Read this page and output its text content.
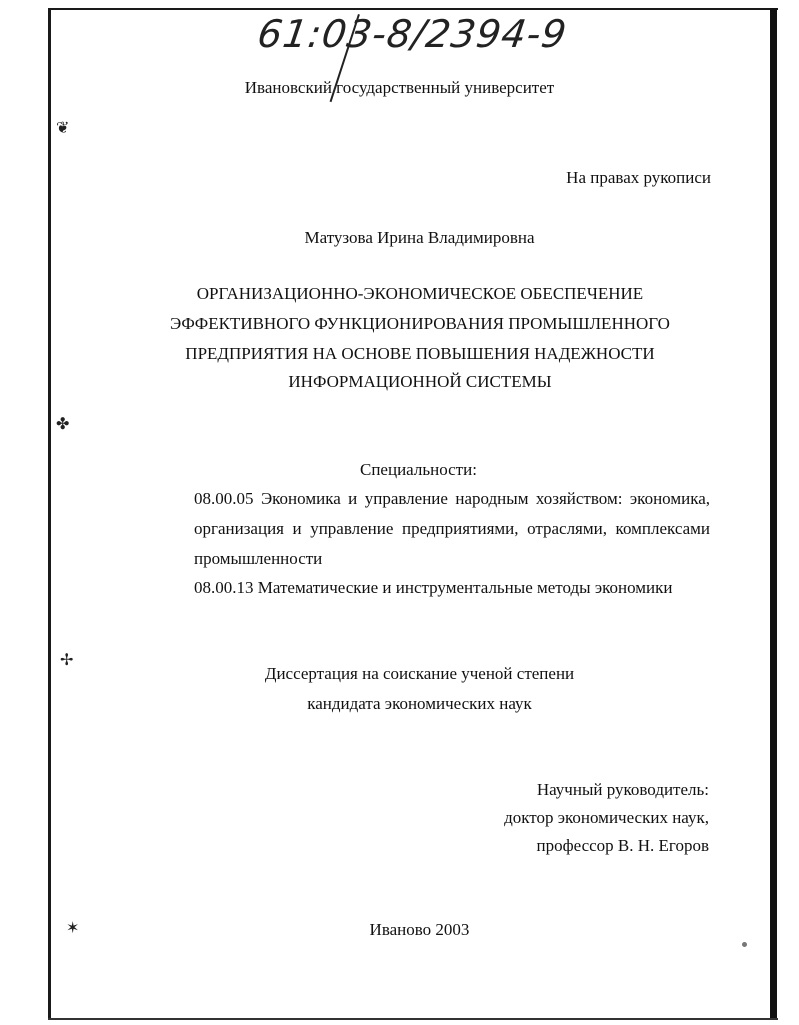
61:03-8/2394-9
Ивановский государственный университет
На правах рукописи
Матузова Ирина Владимировна
ОРГАНИЗАЦИОННО-ЭКОНОМИЧЕСКОЕ ОБЕСПЕЧЕНИЕ
ЭФФЕКТИВНОГО ФУНКЦИОНИРОВАНИЯ ПРОМЫШЛЕННОГО
ПРЕДПРИЯТИЯ НА ОСНОВЕ ПОВЫШЕНИЯ НАДЕЖНОСТИ
ИНФОРМАЦИОННОЙ СИСТЕМЫ
Специальности:
08.00.05 Экономика и управление народным хозяйством: экономика, организация и управление предприятиями, отраслями, комплексами промышленности
08.00.13 Математические и инструментальные методы экономики
Диссертация на соискание ученой степени
кандидата экономических наук
Научный руководитель:
доктор экономических наук,
профессор В. Н. Егоров
Иваново 2003
❦
✤
✢
✶
